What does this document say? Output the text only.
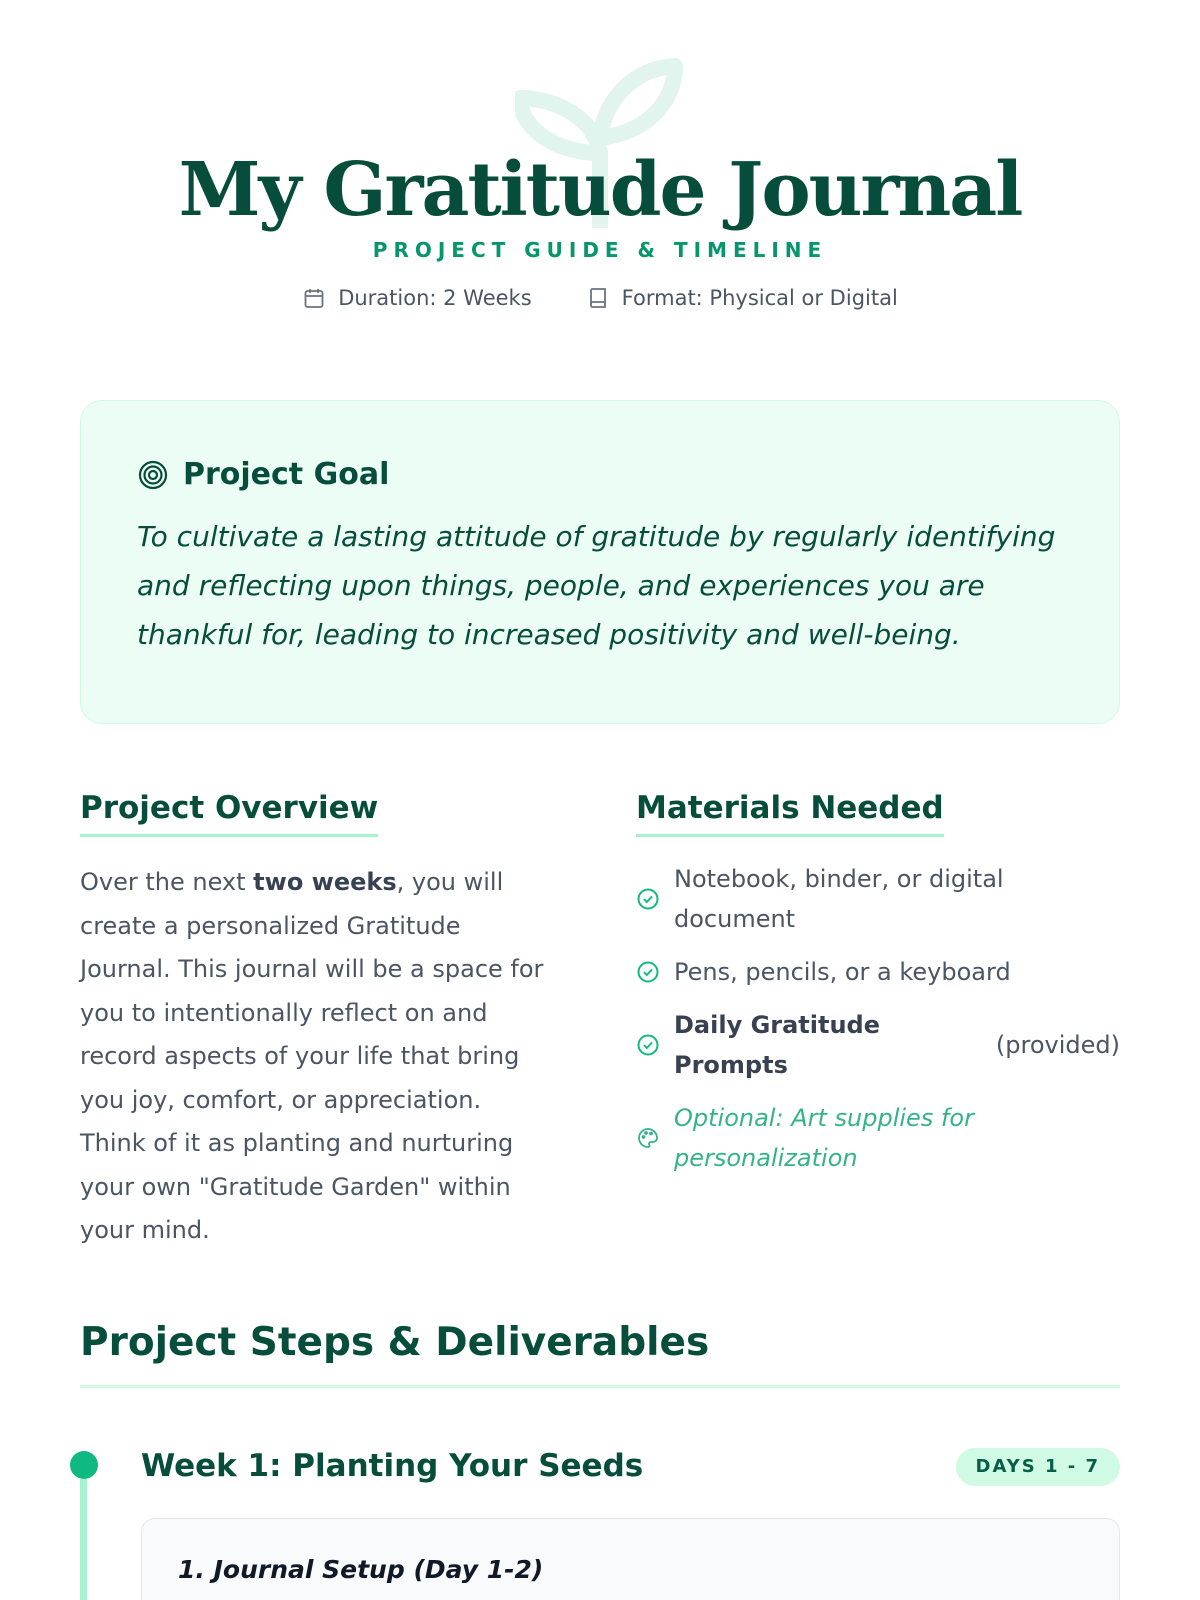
My Gratitude Journal
PROJECT GUIDE & TIMELINE
Duration: 2 Weeks	Format: Physical or Digital
Project Goal

To cultivate a lasting attitude of gratitude by regularly identifying and reflecting upon things, people, and experiences you are thankful for, leading to increased positivity and well-being.

Project Overview

Over the next two weeks, you will create a personalized Gratitude Journal. This journal will be a space for you to intentionally reflect on and record aspects of your life that bring you joy, comfort, or appreciation. Think of it as planting and nurturing your own "Gratitude Garden" within your mind.

Materials Needed
Notebook, binder, or digital document
Pens, pencils, or a keyboard
Daily Gratitude Prompts
(provided)
Optional: Art supplies for personalization
Project Steps & Deliverables
Week 1: Planting Your Seeds	DAYS 1 - 7
1. Journal Setup (Day 1-2)
